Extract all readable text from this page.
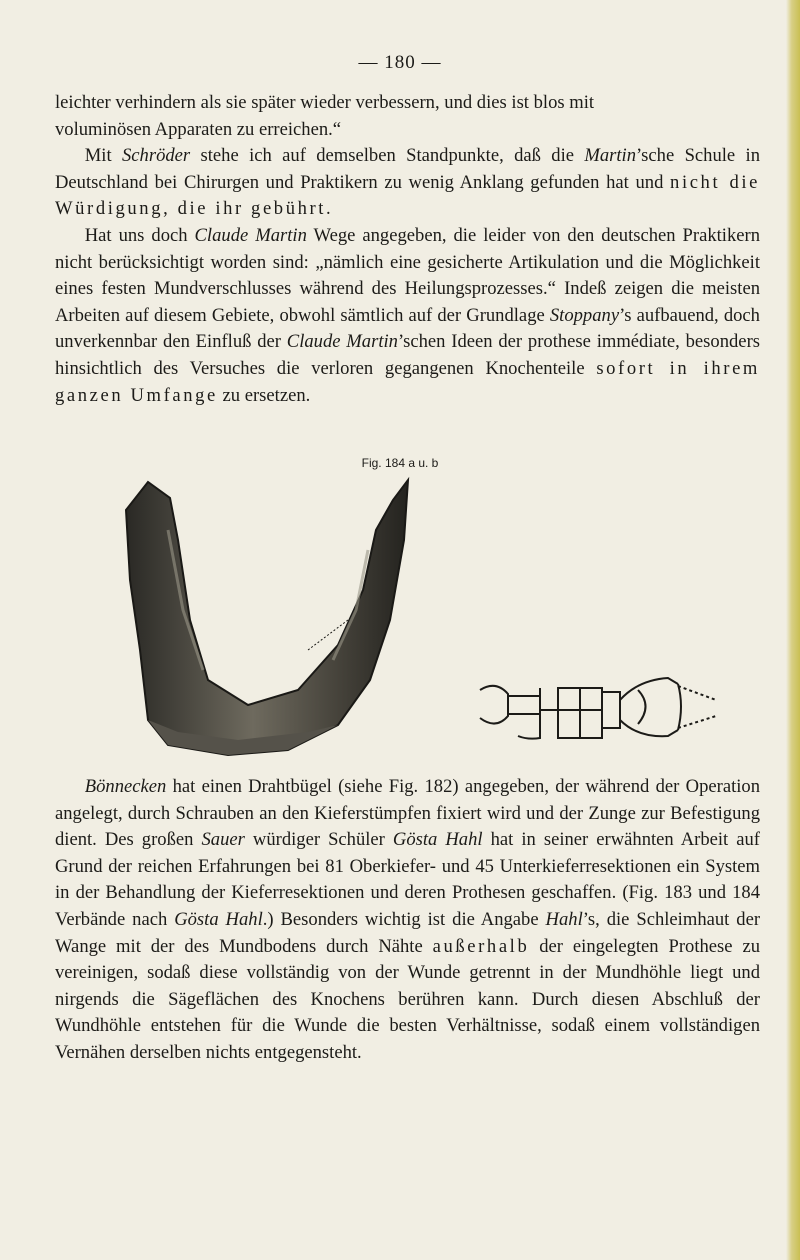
— 180 —

leichter verhindern als sie später wieder verbessern, und dies ist blos mit
voluminösen Apparaten zu erreichen.“

Mit Schröder stehe ich auf demselben Standpunkte, daß die Martin’sche Schule in Deutschland bei Chirurgen und Praktikern zu wenig Anklang gefunden hat und nicht die Würdigung, die ihr gebührt.

Hat uns doch Claude Martin Wege angegeben, die leider von den deutschen Praktikern nicht berücksichtigt worden sind: „nämlich eine gesicherte Artikulation und die Möglichkeit eines festen Mundverschlusses während des Heilungsprozesses.“ Indeß zeigen die meisten Arbeiten auf diesem Gebiete, obwohl sämtlich auf der Grundlage Stoppany’s aufbauend, doch unverkennbar den Einfluß der Claude Martin’schen Ideen der prothese immédiate, besonders hinsichtlich des Versuches die verloren gegangenen Knochenteile sofort in ihrem ganzen Umfange zu ersetzen.

Fig. 184 a u. b

Bönnecken hat einen Drahtbügel (siehe Fig. 182) angegeben, der während der Operation angelegt, durch Schrauben an den Kieferstümpfen fixiert wird und der Zunge zur Befestigung dient. Des großen Sauer würdiger Schüler Gösta Hahl hat in seiner erwähnten Arbeit auf Grund der reichen Erfahrungen bei 81 Oberkiefer- und 45 Unterkieferresektionen ein System in der Behandlung der Kieferresektionen und deren Prothesen geschaffen. (Fig. 183 und 184 Verbände nach Gösta Hahl.) Besonders wichtig ist die Angabe Hahl’s, die Schleimhaut der Wange mit der des Mundbodens durch Nähte außerhalb der eingelegten Prothese zu vereinigen, sodaß diese vollständig von der Wunde getrennt in der Mundhöhle liegt und nirgends die Sägeflächen des Knochens berühren kann. Durch diesen Abschluß der Wundhöhle entstehen für die Wunde die besten Verhältnisse, sodaß einem vollständigen Vernähen derselben nichts entgegensteht.
